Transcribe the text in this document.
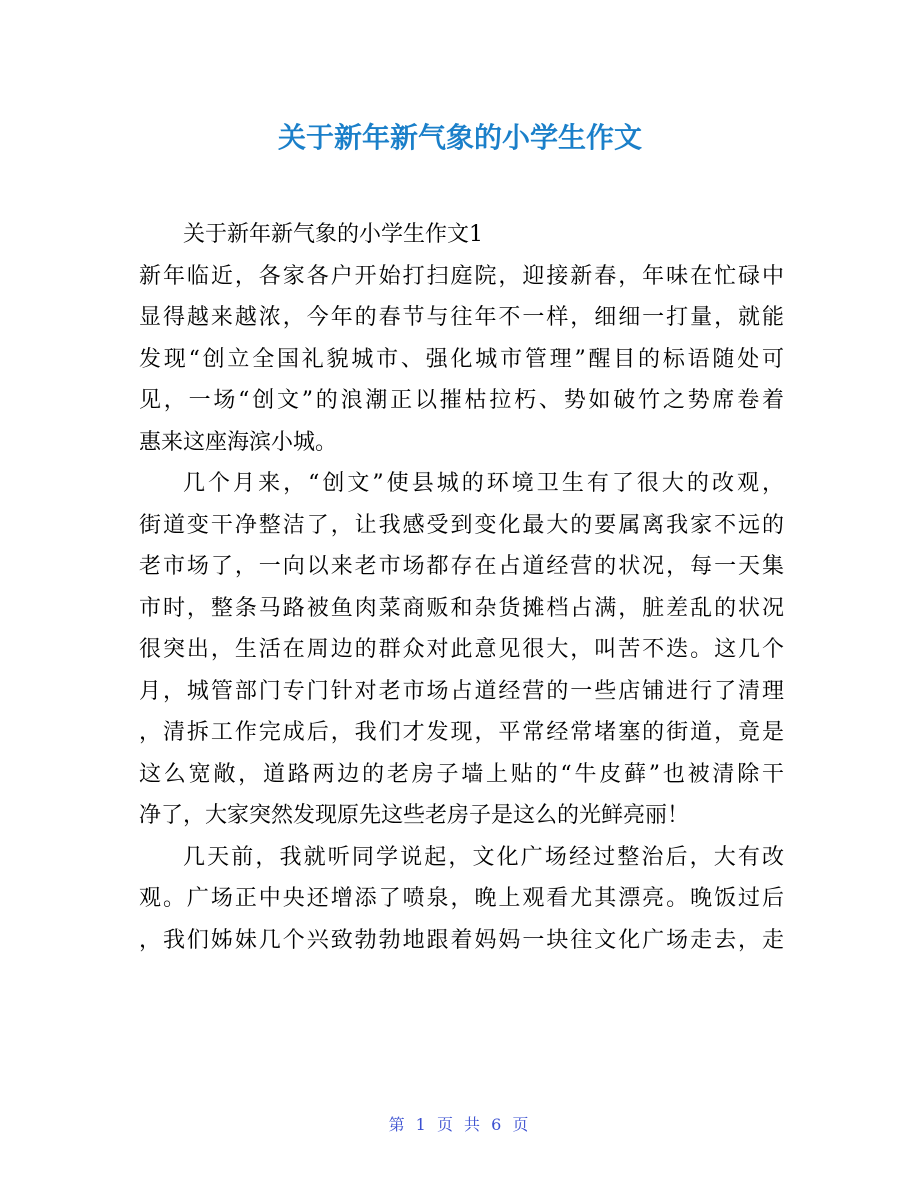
关于新年新气象的小学生作文
关于新年新气象的小学生作文1
新年临近，各家各户开始打扫庭院，迎接新春，年味在忙碌中
显得越来越浓，今年的春节与往年不一样，细细一打量，就能
发现“创立全国礼貌城市、强化城市管理”醒目的标语随处可
见，一场“创文”的浪潮正以摧枯拉朽、势如破竹之势席卷着
惠来这座海滨小城。
几个月来，“创文”使县城的环境卫生有了很大的改观，
街道变干净整洁了，让我感受到变化最大的要属离我家不远的
老市场了，一向以来老市场都存在占道经营的状况，每一天集
市时，整条马路被鱼肉菜商贩和杂货摊档占满，脏差乱的状况
很突出，生活在周边的群众对此意见很大，叫苦不迭。这几个
月，城管部门专门针对老市场占道经营的一些店铺进行了清理
，清拆工作完成后，我们才发现，平常经常堵塞的街道，竟是
这么宽敞，道路两边的老房子墙上贴的“牛皮藓”也被清除干
净了，大家突然发现原先这些老房子是这么的光鲜亮丽！
几天前，我就听同学说起，文化广场经过整治后，大有改
观。广场正中央还增添了喷泉，晚上观看尤其漂亮。晚饭过后
，我们姊妹几个兴致勃勃地跟着妈妈一块往文化广场走去，走
第 1 页 共 6 页
